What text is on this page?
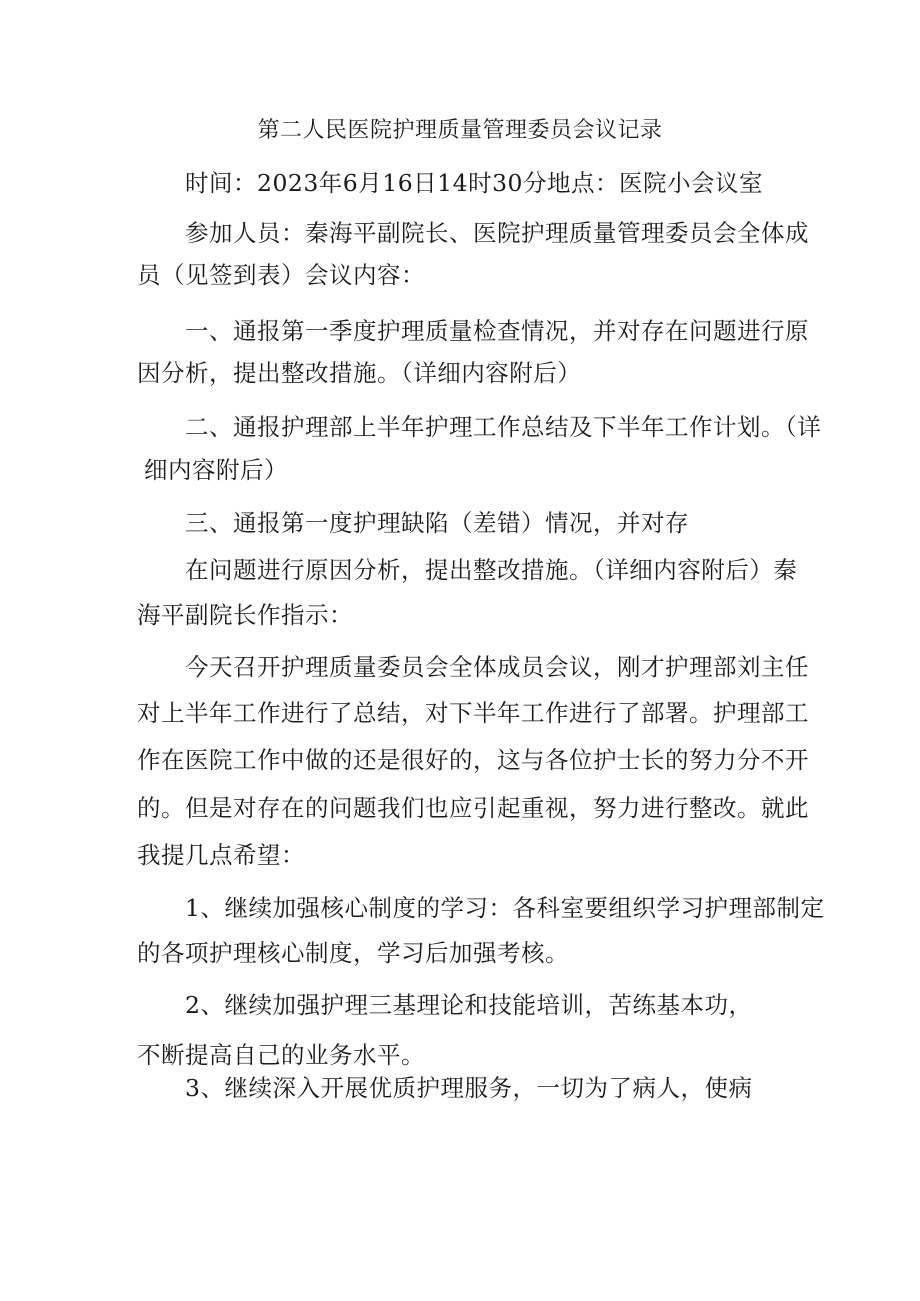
第二人民医院护理质量管理委员会议记录
时间：2023年6月16日14时30分地点：医院小会议室
参加人员：秦海平副院长、医院护理质量管理委员会全体成
员（见签到表）会议内容：
一、通报第一季度护理质量检查情况，并对存在问题进行原
因分析，提出整改措施。（详细内容附后）
二、通报护理部上半年护理工作总结及下半年工作计划。（详
细内容附后）
三、通报第一度护理缺陷（差错）情况，并对存
在问题进行原因分析，提出整改措施。（详细内容附后）秦
海平副院长作指示：
今天召开护理质量委员会全体成员会议，刚才护理部刘主任
对上半年工作进行了总结，对下半年工作进行了部署。护理部工
作在医院工作中做的还是很好的，这与各位护士长的努力分不开
的。但是对存在的问题我们也应引起重视，努力进行整改。就此
我提几点希望：
1、继续加强核心制度的学习：各科室要组织学习护理部制定
的各项护理核心制度，学习后加强考核。
2、继续加强护理三基理论和技能培训，苦练基本功，
不断提高自己的业务水平。
3、继续深入开展优质护理服务，一切为了病人，使病
